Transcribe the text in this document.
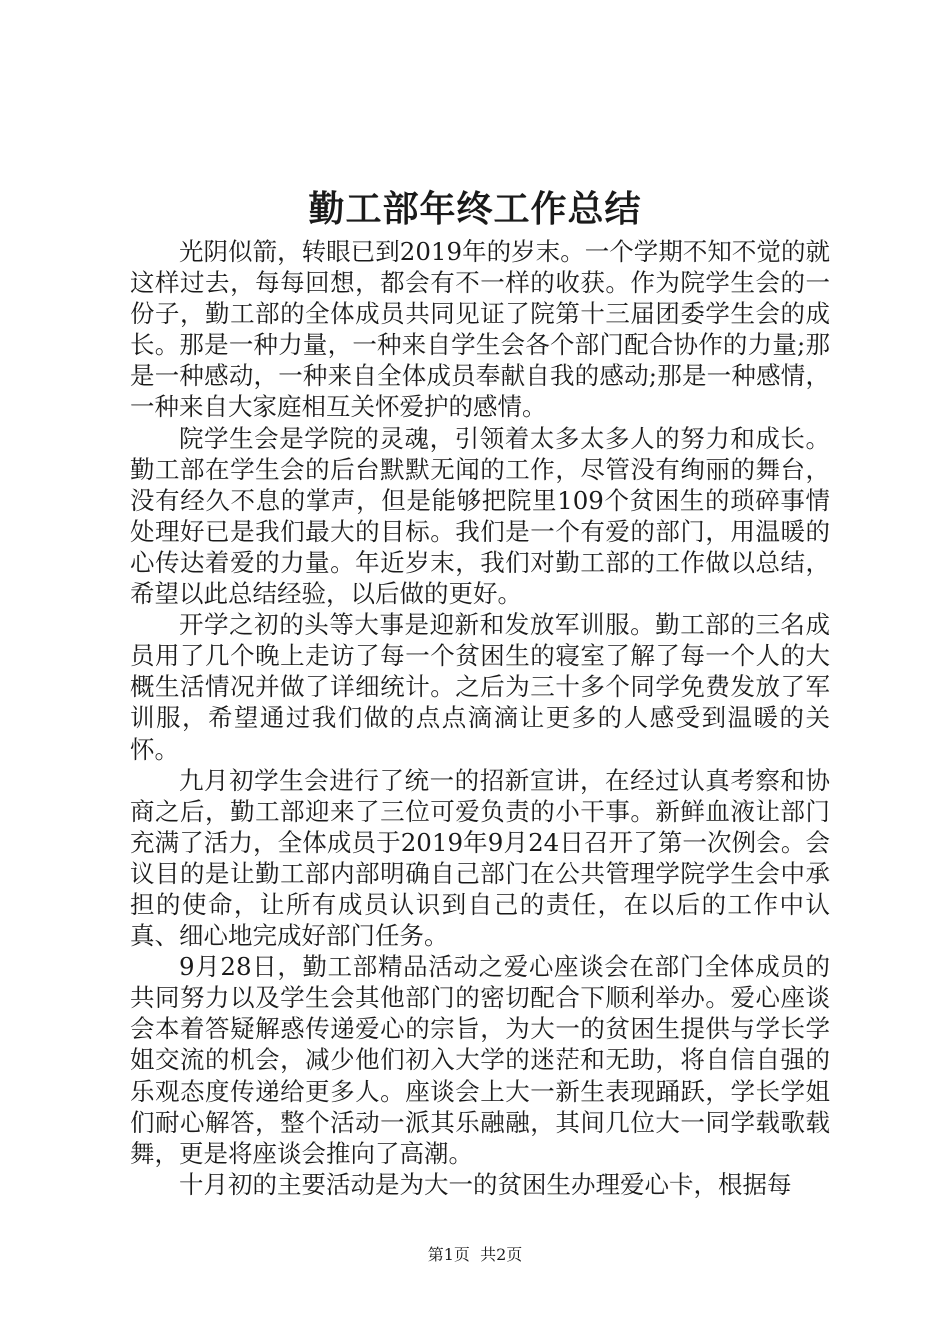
勤工部年终工作总结

光阴似箭，转眼已到2019年的岁末。一个学期不知不觉的就这样过去，每每回想，都会有不一样的收获。作为院学生会的一份子，勤工部的全体成员共同见证了院第十三届团委学生会的成长。那是一种力量，一种来自学生会各个部门配合协作的力量;那是一种感动，一种来自全体成员奉献自我的感动;那是一种感情，一种来自大家庭相互关怀爱护的感情。

院学生会是学院的灵魂，引领着太多太多人的努力和成长。勤工部在学生会的后台默默无闻的工作，尽管没有绚丽的舞台，没有经久不息的掌声，但是能够把院里109个贫困生的琐碎事情处理好已是我们最大的目标。我们是一个有爱的部门，用温暖的心传达着爱的力量。年近岁末，我们对勤工部的工作做以总结，希望以此总结经验，以后做的更好。

开学之初的头等大事是迎新和发放军训服。勤工部的三名成员用了几个晚上走访了每一个贫困生的寝室了解了每一个人的大概生活情况并做了详细统计。之后为三十多个同学免费发放了军训服，希望通过我们做的点点滴滴让更多的人感受到温暖的关怀。

九月初学生会进行了统一的招新宣讲，在经过认真考察和协商之后，勤工部迎来了三位可爱负责的小干事。新鲜血液让部门充满了活力，全体成员于2019年9月24日召开了第一次例会。会议目的是让勤工部内部明确自己部门在公共管理学院学生会中承担的使命，让所有成员认识到自己的责任，在以后的工作中认真、细心地完成好部门任务。

9月28日，勤工部精品活动之爱心座谈会在部门全体成员的共同努力以及学生会其他部门的密切配合下顺利举办。爱心座谈会本着答疑解惑传递爱心的宗旨，为大一的贫困生提供与学长学姐交流的机会，减少他们初入大学的迷茫和无助，将自信自强的乐观态度传递给更多人。座谈会上大一新生表现踊跃，学长学姐们耐心解答，整个活动一派其乐融融，其间几位大一同学载歌载舞，更是将座谈会推向了高潮。

十月初的主要活动是为大一的贫困生办理爱心卡，根据每

第1页  共2页
